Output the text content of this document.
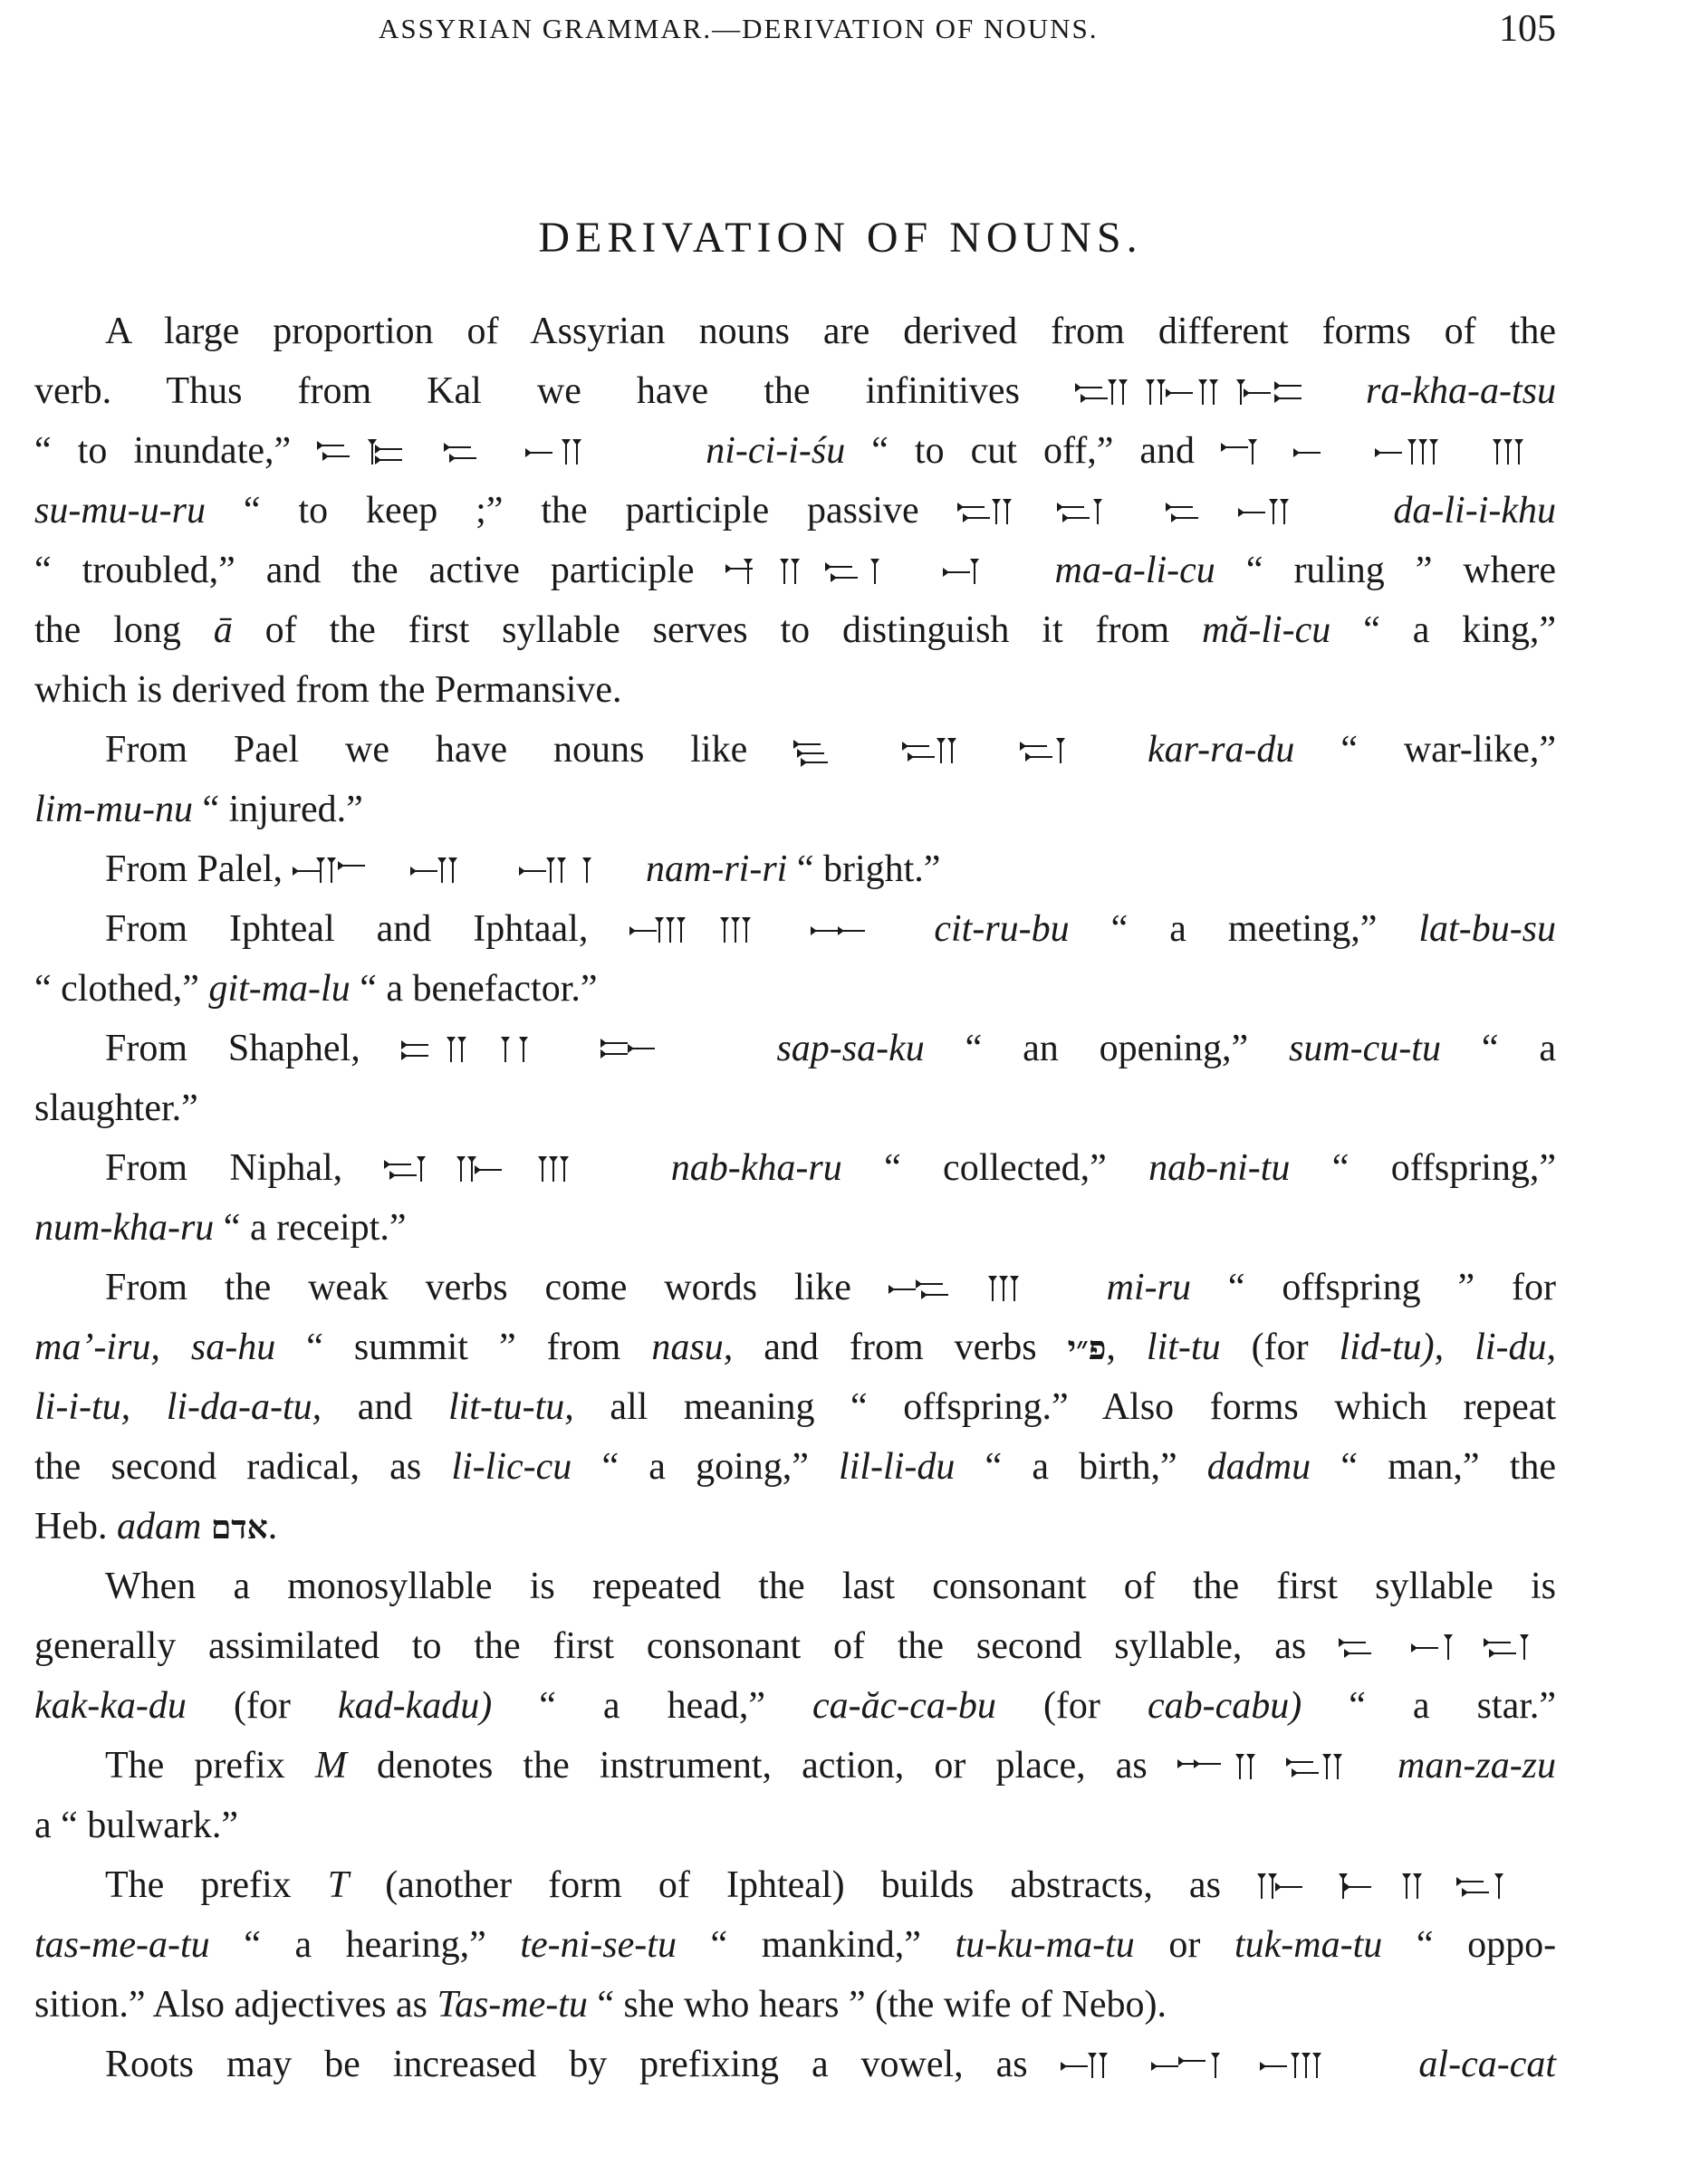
ASSYRIAN GRAMMAR.—DERIVATION OF NOUNS.	105
DERIVATION OF NOUNS.
A large proportion of Assyrian nouns are derived from different forms of the
verb. Thus from Kal we have the infinitives	ra-kha-a-tsu
“ to inundate,”	ni-ci-i-śu “ to cut off,” and
su-mu-u-ru “ to keep ;” the participle passive	da-li-i-khu
“ troubled,” and the active participle	ma-a-li-cu “ ruling ” where
the long ā of the first syllable serves to distinguish it from mă-li-cu “ a king,”
which is derived from the Permansive.
From Pael we have nouns like	kar-ra-du “ war-like,”
lim-mu-nu “ injured.”
From Palel,	nam-ri-ri “ bright.”
From Iphteal and Iphtaal,	cit-ru-bu “ a meeting,” lat-bu-su
“ clothed,” git-ma-lu “ a benefactor.”
From Shaphel,	sap-sa-ku “ an opening,” sum-cu-tu “ a
slaughter.”
From Niphal,	nab-kha-ru “ collected,” nab-ni-tu “ offspring,”
num-kha-ru “ a receipt.”
From the weak verbs come words like	mi-ru “ offspring ” for
ma’-iru, sa-hu “ summit ” from nasu, and from verbs פ״י, lit-tu (for lid-tu), li-du,
li-i-tu, li-da-a-tu, and lit-tu-tu, all meaning “ offspring.” Also forms which repeat
the second radical, as li-lic-cu “ a going,” lil-li-du “ a birth,” dadmu “ man,” the
Heb. adam אדם.
When a monosyllable is repeated the last consonant of the first syllable is
generally assimilated to the first consonant of the second syllable, as
kak-ka-du (for kad-kadu) “ a head,” ca-ăc-ca-bu (for cab-cabu) “ a star.”
The prefix M denotes the instrument, action, or place, as	man-za-zu
a “ bulwark.”
The prefix T (another form of Iphteal) builds abstracts, as
tas-me-a-tu “ a hearing,” te-ni-se-tu “ mankind,” tu-ku-ma-tu or tuk-ma-tu “ oppo-
sition.” Also adjectives as Tas-me-tu “ she who hears ” (the wife of Nebo).
Roots may be increased by prefixing a vowel, as	al-ca-cat
